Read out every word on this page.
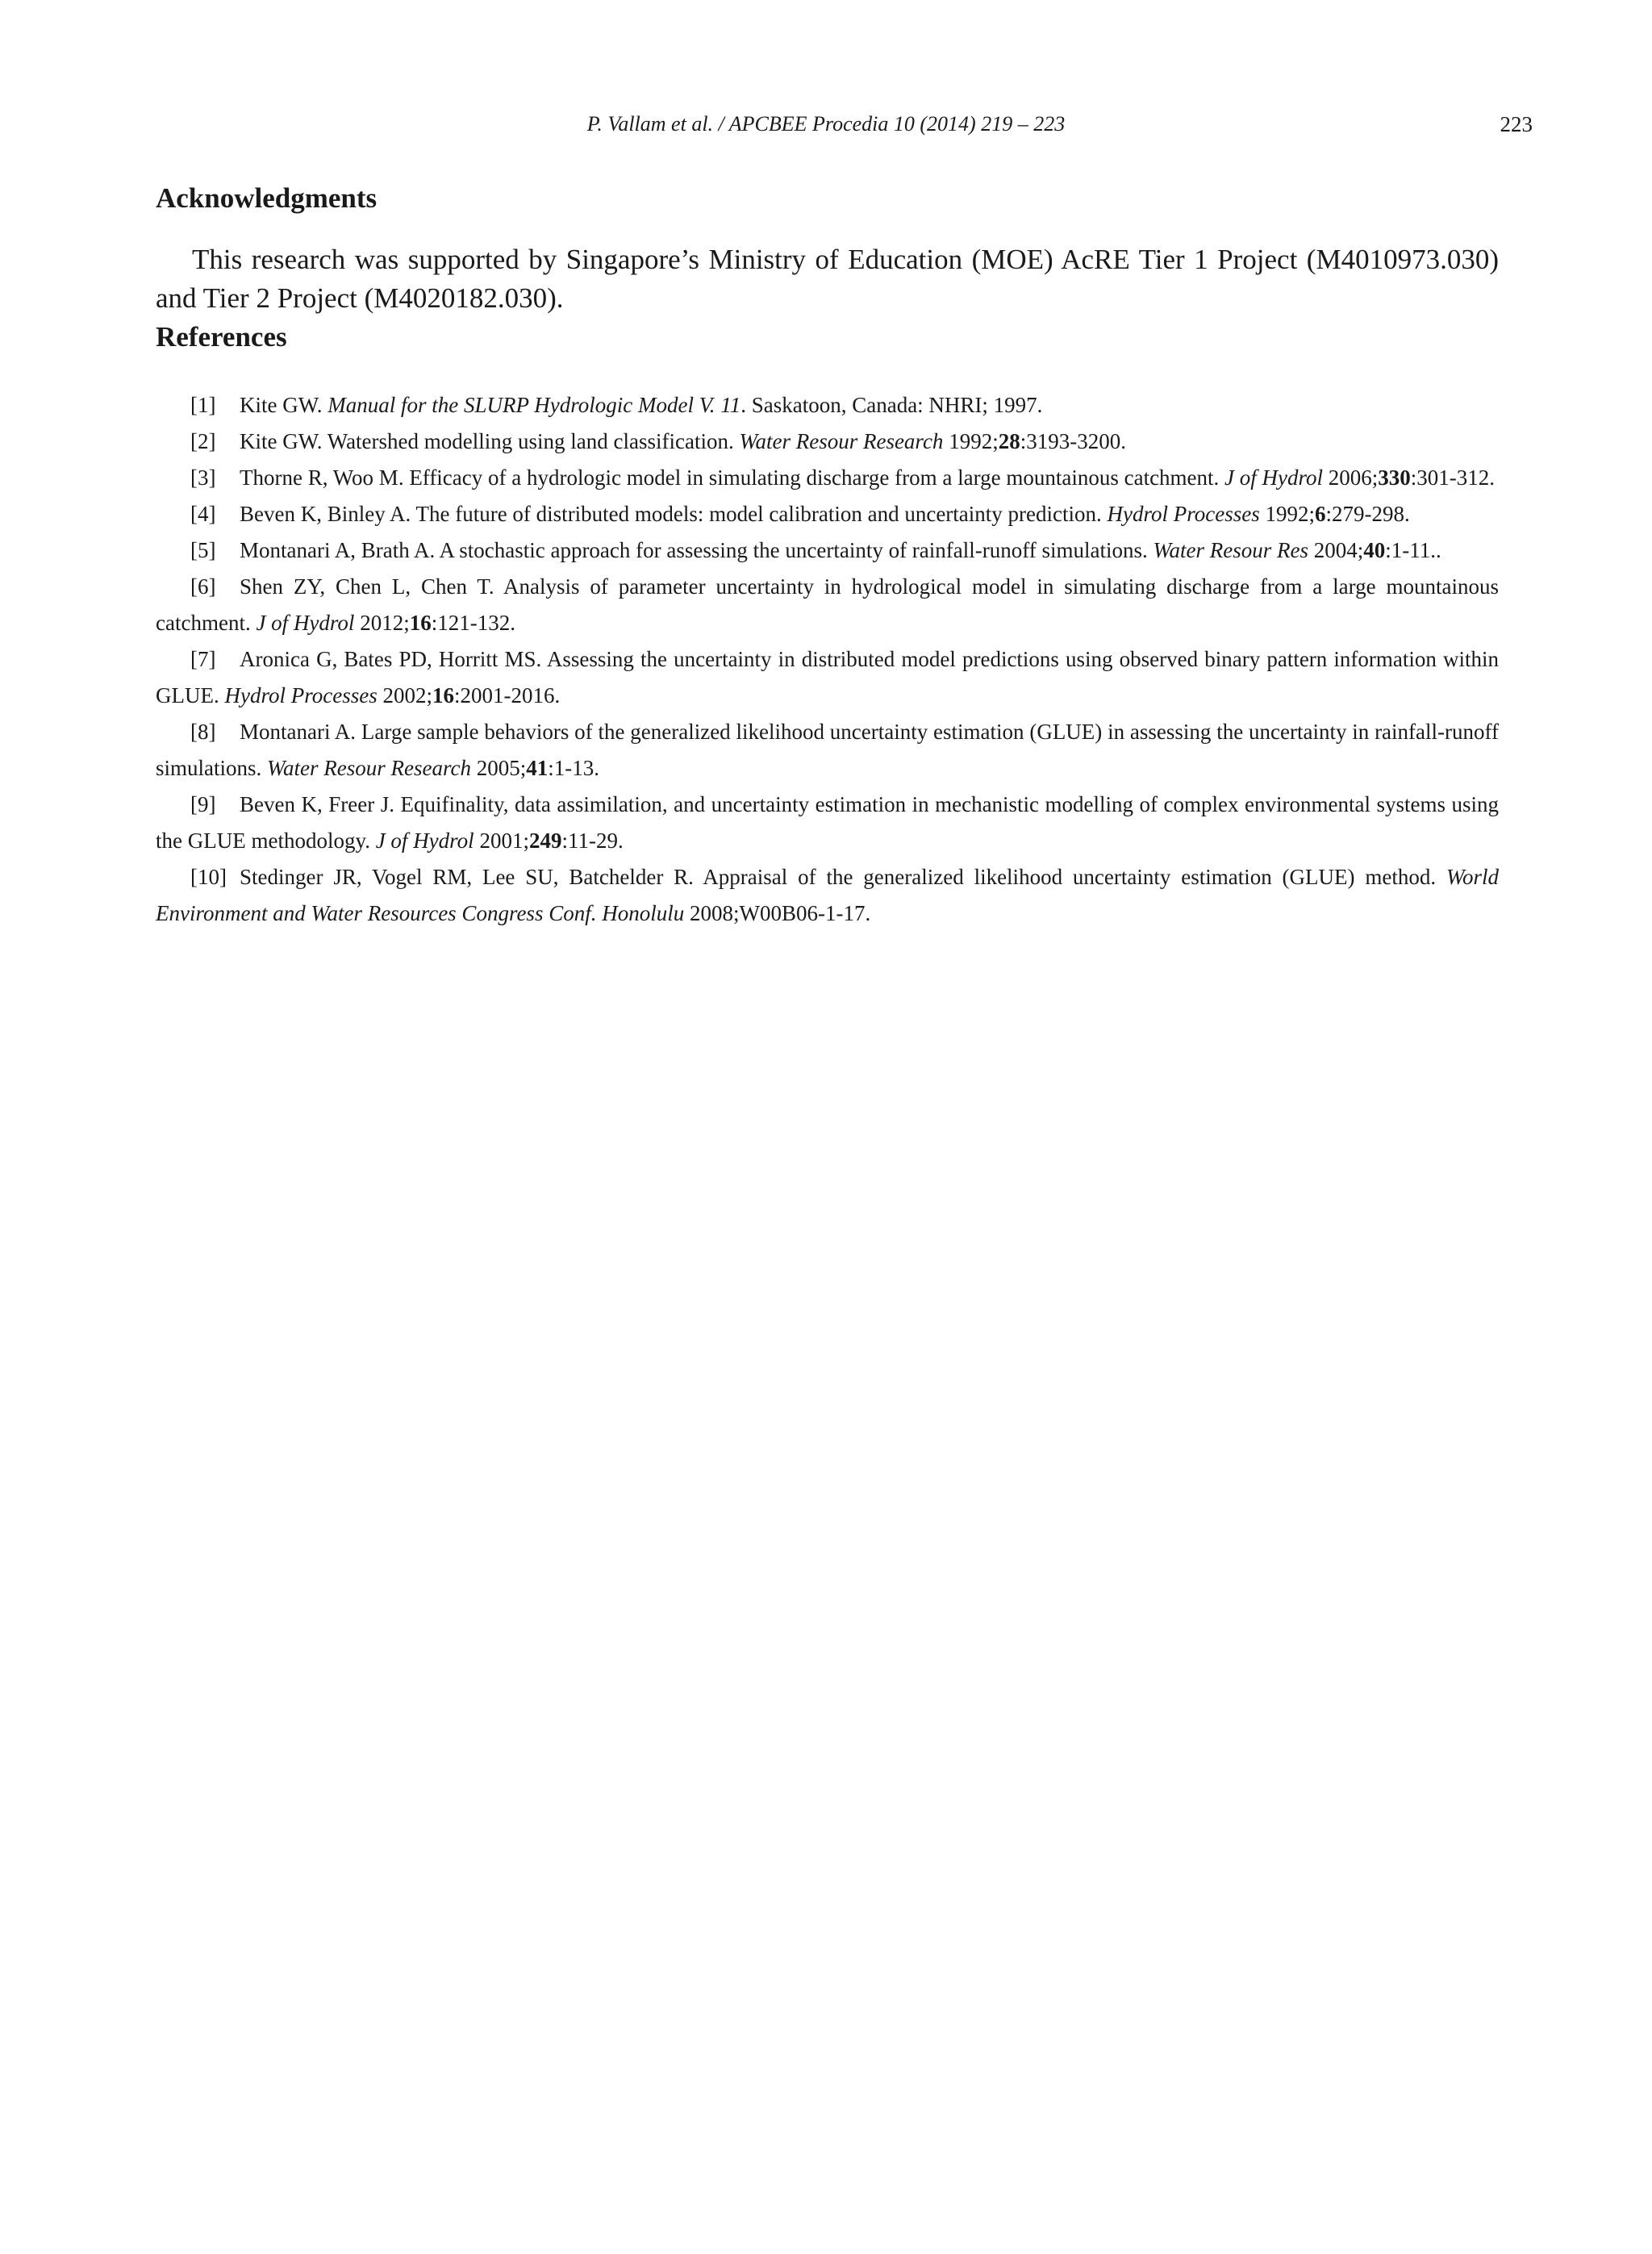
P. Vallam et al. / APCBEE Procedia 10 (2014) 219 – 223	223
Acknowledgments

This research was supported by Singapore’s Ministry of Education (MOE) AcRE Tier 1 Project (M4010973.030) and Tier 2 Project (M4020182.030).

References
[1] Kite GW. Manual for the SLURP Hydrologic Model V. 11. Saskatoon, Canada: NHRI; 1997.
[2] Kite GW. Watershed modelling using land classification. Water Resour Research 1992;28:3193-3200.
[3] Thorne R, Woo M. Efficacy of a hydrologic model in simulating discharge from a large mountainous catchment. J of Hydrol 2006;330:301-312.
[4] Beven K, Binley A. The future of distributed models: model calibration and uncertainty prediction. Hydrol Processes 1992;6:279-298.
[5] Montanari A, Brath A. A stochastic approach for assessing the uncertainty of rainfall-runoff simulations. Water Resour Res 2004;40:1-11..
[6] Shen ZY, Chen L, Chen T. Analysis of parameter uncertainty in hydrological model in simulating discharge from a large mountainous catchment. J of Hydrol 2012;16:121-132.
[7] Aronica G, Bates PD, Horritt MS. Assessing the uncertainty in distributed model predictions using observed binary pattern information within GLUE. Hydrol Processes 2002;16:2001-2016.
[8] Montanari A. Large sample behaviors of the generalized likelihood uncertainty estimation (GLUE) in assessing the uncertainty in rainfall-runoff simulations. Water Resour Research 2005;41:1-13.
[9] Beven K, Freer J. Equifinality, data assimilation, and uncertainty estimation in mechanistic modelling of complex environmental systems using the GLUE methodology. J of Hydrol 2001;249:11-29.
[10] Stedinger JR, Vogel RM, Lee SU, Batchelder R. Appraisal of the generalized likelihood uncertainty estimation (GLUE) method. World Environment and Water Resources Congress Conf. Honolulu 2008;W00B06-1-17.
